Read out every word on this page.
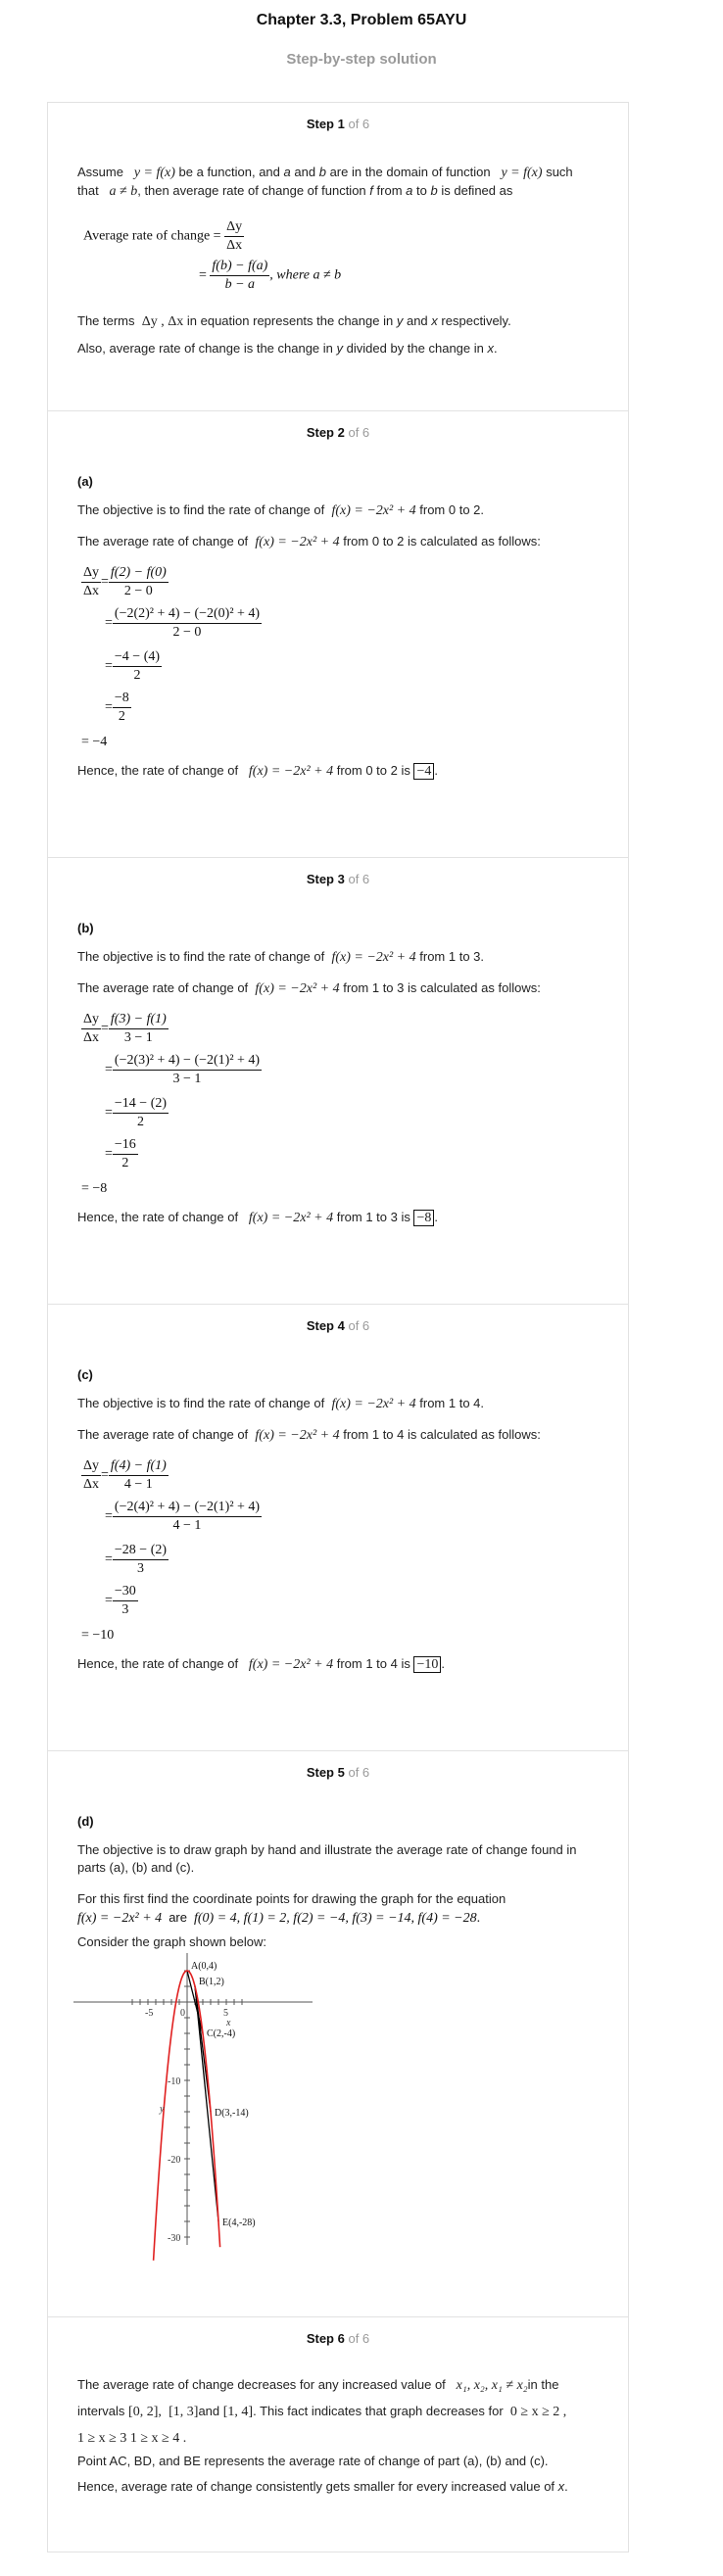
Chapter 3.3, Problem 65AYU
Step-by-step solution
Step 1 of 6
Assume y = f(x) be a function, and a and b are in the domain of function y = f(x) such
that a ≠ b, then average rate of change of function f from a to b is defined as
Average rate of change = $\frac{\Delta y}{\Delta x}$
= $\frac{f(b) - f(a)}{b - a}$ , where a ≠ b
The terms Δy , Δx in equation represents the change in y and x respectively.
Also, average rate of change is the change in y divided by the change in x.
Step 2 of 6
(a)
The objective is to find the rate of change of f(x) = −2x² + 4 from 0 to 2.
The average rate of change of f(x) = −2x² + 4 from 0 to 2 is calculated as follows:
$\frac{\Delta y}{\Delta x} = \frac{f(2) - f(0)}{2 - 0}$
= $\frac{\text{(−2(2)² + 4) − (−2(0)² + 4)}}{2 - 0}$
= $\frac{-4 - (4)}{2}$
= $\frac{-8}{2}$
= −4
Hence, the rate of change of f(x) = −2x² + 4 from 0 to 2 is −4 .
Step 3 of 6
(b)
The objective is to find the rate of change of f(x) = −2x² + 4 from 1 to 3.
The average rate of change of f(x) = −2x² + 4 from 1 to 3 is calculated as follows:
$\frac{\Delta y}{\Delta x} = \frac{f(3) - f(1)}{3 - 1}$
= $\frac{\text{(−2(3)² + 4) − (−2(1)² + 4)}}{3 - 1}$
= $\frac{-14 - (2)}{2}$
= $\frac{-16}{2}$
= −8
Hence, the rate of change of f(x) = −2x² + 4 from 1 to 3 is −8 .
Step 4 of 6
(c)
The objective is to find the rate of change of f(x) = −2x² + 4 from 1 to 4.
The average rate of change of f(x) = −2x² + 4 from 1 to 4 is calculated as follows:
$\frac{\Delta y}{\Delta x} = \frac{f(4) - f(1)}{4 - 1}$
= $\frac{\text{(−2(4)² + 4) − (−2(1)² + 4)}}{4 - 1}$
= $\frac{-28 - (2)}{3}$
= $\frac{-30}{3}$
= −10
Hence, the rate of change of f(x) = −2x² + 4 from 1 to 4 is −10 .
Step 5 of 6
(d)
The objective is to draw graph by hand and illustrate the average rate of change found in parts (a), (b) and (c).
For this first find the coordinate points for drawing the graph for the equation
f(x) = −2x² + 4 are f(0) = 4, f(1) = 2, f(2) = −4, f(3) = −14, f(4) = −28.
Consider the graph shown below:
-5	0	5
-10
-20
-30
x
y
A(0,4)
B(1,2)
C(2,-4)
D(3,-14)
E(4,-28)
Step 6 of 6
The average rate of change decreases for any increased value of x₁, x₂, x₁ ≠ x₂in the
intervals [0, 2], [1, 3]and [1, 4]. This fact indicates that graph decreases for 0 ≥ x ≥ 2 ,
1 ≥ x ≥ 3 1 ≥ x ≥ 4 .
Point AC, BD, and BE represents the average rate of change of part (a), (b) and (c).
Hence, average rate of change consistently gets smaller for every increased value of x.
